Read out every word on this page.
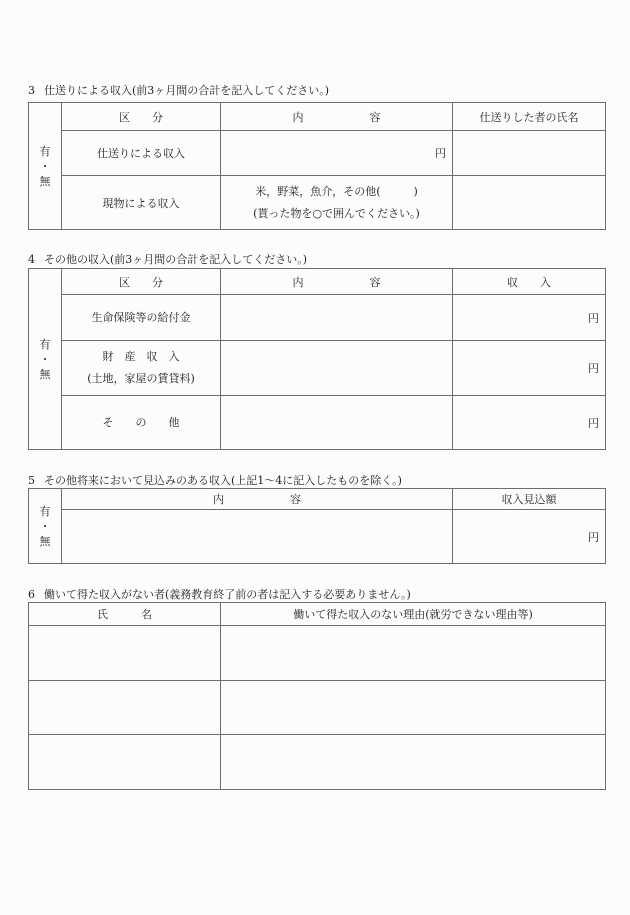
3 仕送りによる収入(前3ヶ月間の合計を記入してください。)
有
・
無	区　　分	内　　　　　　容	仕送りした者の氏名
	仕送りによる収入	円	
	現物による収入	米，野菜，魚介，その他(　　　)
(貰った物を○で囲んでください。)	

4 その他の収入(前3ヶ月間の合計を記入してください。)
有
・
無	区　　分	内　　　　　　容	収　　入

	生命保険等の給付金		円

	財　産　収　入
(土地，家屋の賃貸料)		円

	そ　　の　　他		円
5 その他将来において見込みのある収入(上記1～4に記入したものを除く。)
有
・
無	内　　　　　　容	収入見込額
		円
6 働いて得た収入がない者(義務教育終了前の者は記入する必要ありません。)
氏　　　名	働いて得た収入のない理由(就労できない理由等)
